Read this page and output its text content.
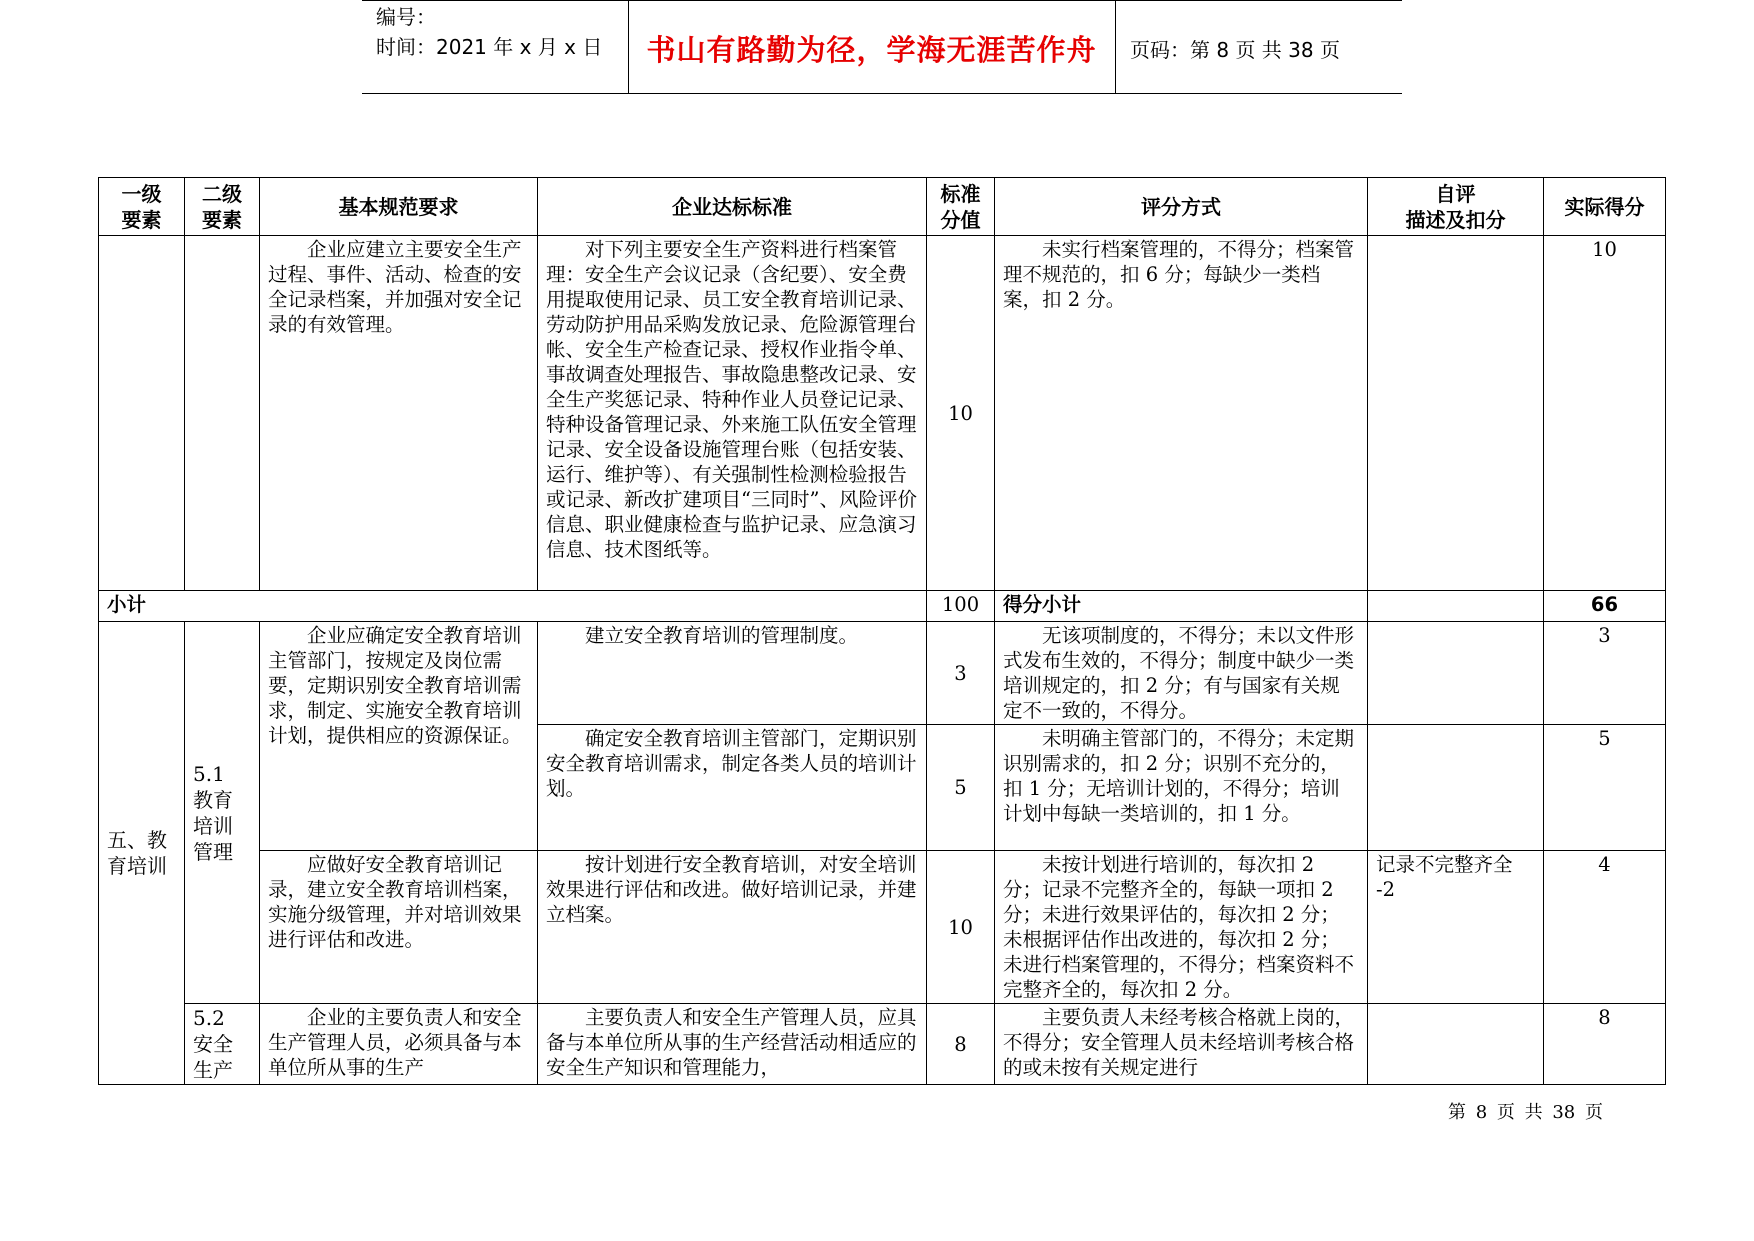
编号：
时间：2021 年 x 月 x 日	书山有路勤为径，学海无涯苦作舟	页码：第 8 页 共 38 页
一级
要素	二级
要素	基本规范要求	企业达标标准	标准
分值	评分方式	自评
描述及扣分	实际得分
		企业应建立主要安全生产过程、事件、活动、检查的安全记录档案，并加强对安全记录的有效管理。	对下列主要安全生产资料进行档案管理：安全生产会议记录（含纪要）、安全费用提取使用记录、员工安全教育培训记录、劳动防护用品采购发放记录、危险源管理台帐、安全生产检查记录、授权作业指令单、事故调查处理报告、事故隐患整改记录、安全生产奖惩记录、特种作业人员登记记录、特种设备管理记录、外来施工队伍安全管理记录、安全设备设施管理台账（包括安装、运行、维护等）、有关强制性检测检验报告或记录、新改扩建项目“三同时”、风险评价信息、职业健康检查与监护记录、应急演习信息、技术图纸等。	10	未实行档案管理的，不得分；档案管理不规范的，扣 6 分；每缺少一类档案，扣 2 分。		10
小计				100	得分小计		66
五、教育培训	5.1 教育培训管理	企业应确定安全教育培训主管部门，按规定及岗位需要，定期识别安全教育培训需求，制定、实施安全教育培训计划，提供相应的资源保证。	建立安全教育培训的管理制度。	3	无该项制度的，不得分；未以文件形式发布生效的，不得分；制度中缺少一类培训规定的，扣 2 分；有与国家有关规定不一致的，不得分。		3
			确定安全教育培训主管部门，定期识别安全教育培训需求，制定各类人员的培训计划。	5	未明确主管部门的，不得分；未定期识别需求的，扣 2 分；识别不充分的，扣 1 分；无培训计划的，不得分；培训计划中每缺一类培训的，扣 1 分。		5
		应做好安全教育培训记录，建立安全教育培训档案，实施分级管理，并对培训效果进行评估和改进。	按计划进行安全教育培训，对安全培训效果进行评估和改进。做好培训记录，并建立档案。	10	未按计划进行培训的，每次扣 2 分；记录不完整齐全的，每缺一项扣 2 分；未进行效果评估的，每次扣 2 分；未根据评估作出改进的，每次扣 2 分；未进行档案管理的，不得分；档案资料不完整齐全的，每次扣 2 分。	记录不完整齐全 -2	4
	5.2 安全生产	企业的主要负责人和安全生产管理人员，必须具备与本单位所从事的生产	主要负责人和安全生产管理人员，应具备与本单位所从事的生产经营活动相适应的安全生产知识和管理能力，	8	主要负责人未经考核合格就上岗的，不得分；安全管理人员未经培训考核合格的或未按有关规定进行		8
第 8 页 共 38 页
